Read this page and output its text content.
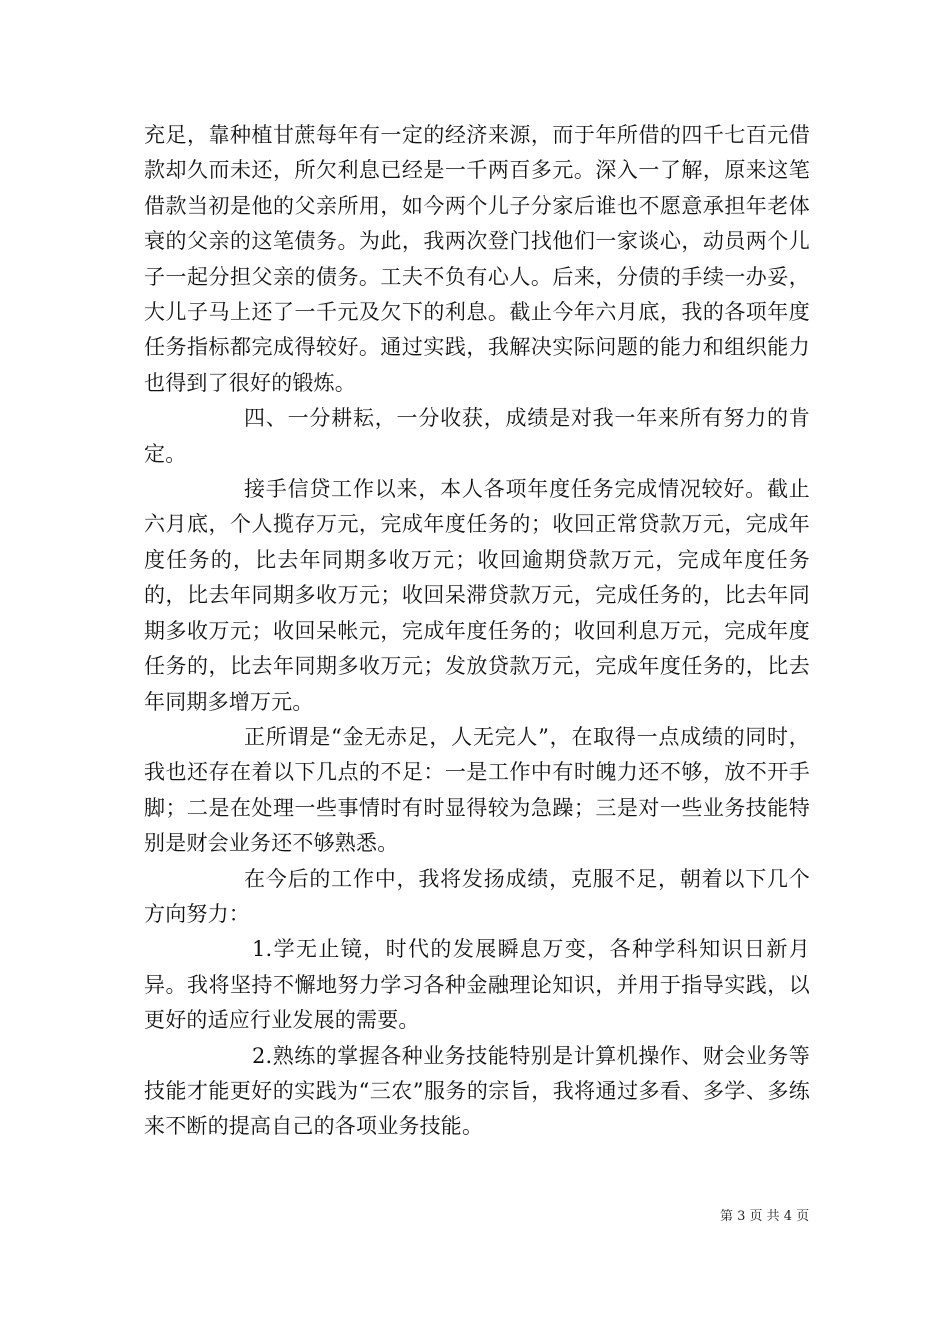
充足，靠种植甘蔗每年有一定的经济来源，而于年所借的四千七百元借款却久而未还，所欠利息已经是一千两百多元。深入一了解，原来这笔借款当初是他的父亲所用，如今两个儿子分家后谁也不愿意承担年老体衰的父亲的这笔债务。为此，我两次登门找他们一家谈心，动员两个儿子一起分担父亲的债务。工夫不负有心人。后来，分债的手续一办妥，大儿子马上还了一千元及欠下的利息。截止今年六月底，我的各项年度任务指标都完成得较好。通过实践，我解决实际问题的能力和组织能力也得到了很好的锻炼。

四、一分耕耘，一分收获，成绩是对我一年来所有努力的肯定。

接手信贷工作以来，本人各项年度任务完成情况较好。截止六月底，个人揽存万元，完成年度任务的；收回正常贷款万元，完成年度任务的，比去年同期多收万元；收回逾期贷款万元，完成年度任务的，比去年同期多收万元；收回呆滞贷款万元，完成任务的，比去年同期多收万元；收回呆帐元，完成年度任务的；收回利息万元，完成年度任务的，比去年同期多收万元；发放贷款万元，完成年度任务的，比去年同期多增万元。

正所谓是“金无赤足，人无完人”，在取得一点成绩的同时，我也还存在着以下几点的不足：一是工作中有时魄力还不够，放不开手脚；二是在处理一些事情时有时显得较为急躁；三是对一些业务技能特别是财会业务还不够熟悉。

在今后的工作中，我将发扬成绩，克服不足，朝着以下几个方向努力：

1.学无止镜，时代的发展瞬息万变，各种学科知识日新月异。我将坚持不懈地努力学习各种金融理论知识，并用于指导实践，以更好的适应行业发展的需要。

2.熟练的掌握各种业务技能特别是计算机操作、财会业务等技能才能更好的实践为“三农”服务的宗旨，我将通过多看、多学、多练来不断的提高自己的各项业务技能。

第 3 页 共 4 页
